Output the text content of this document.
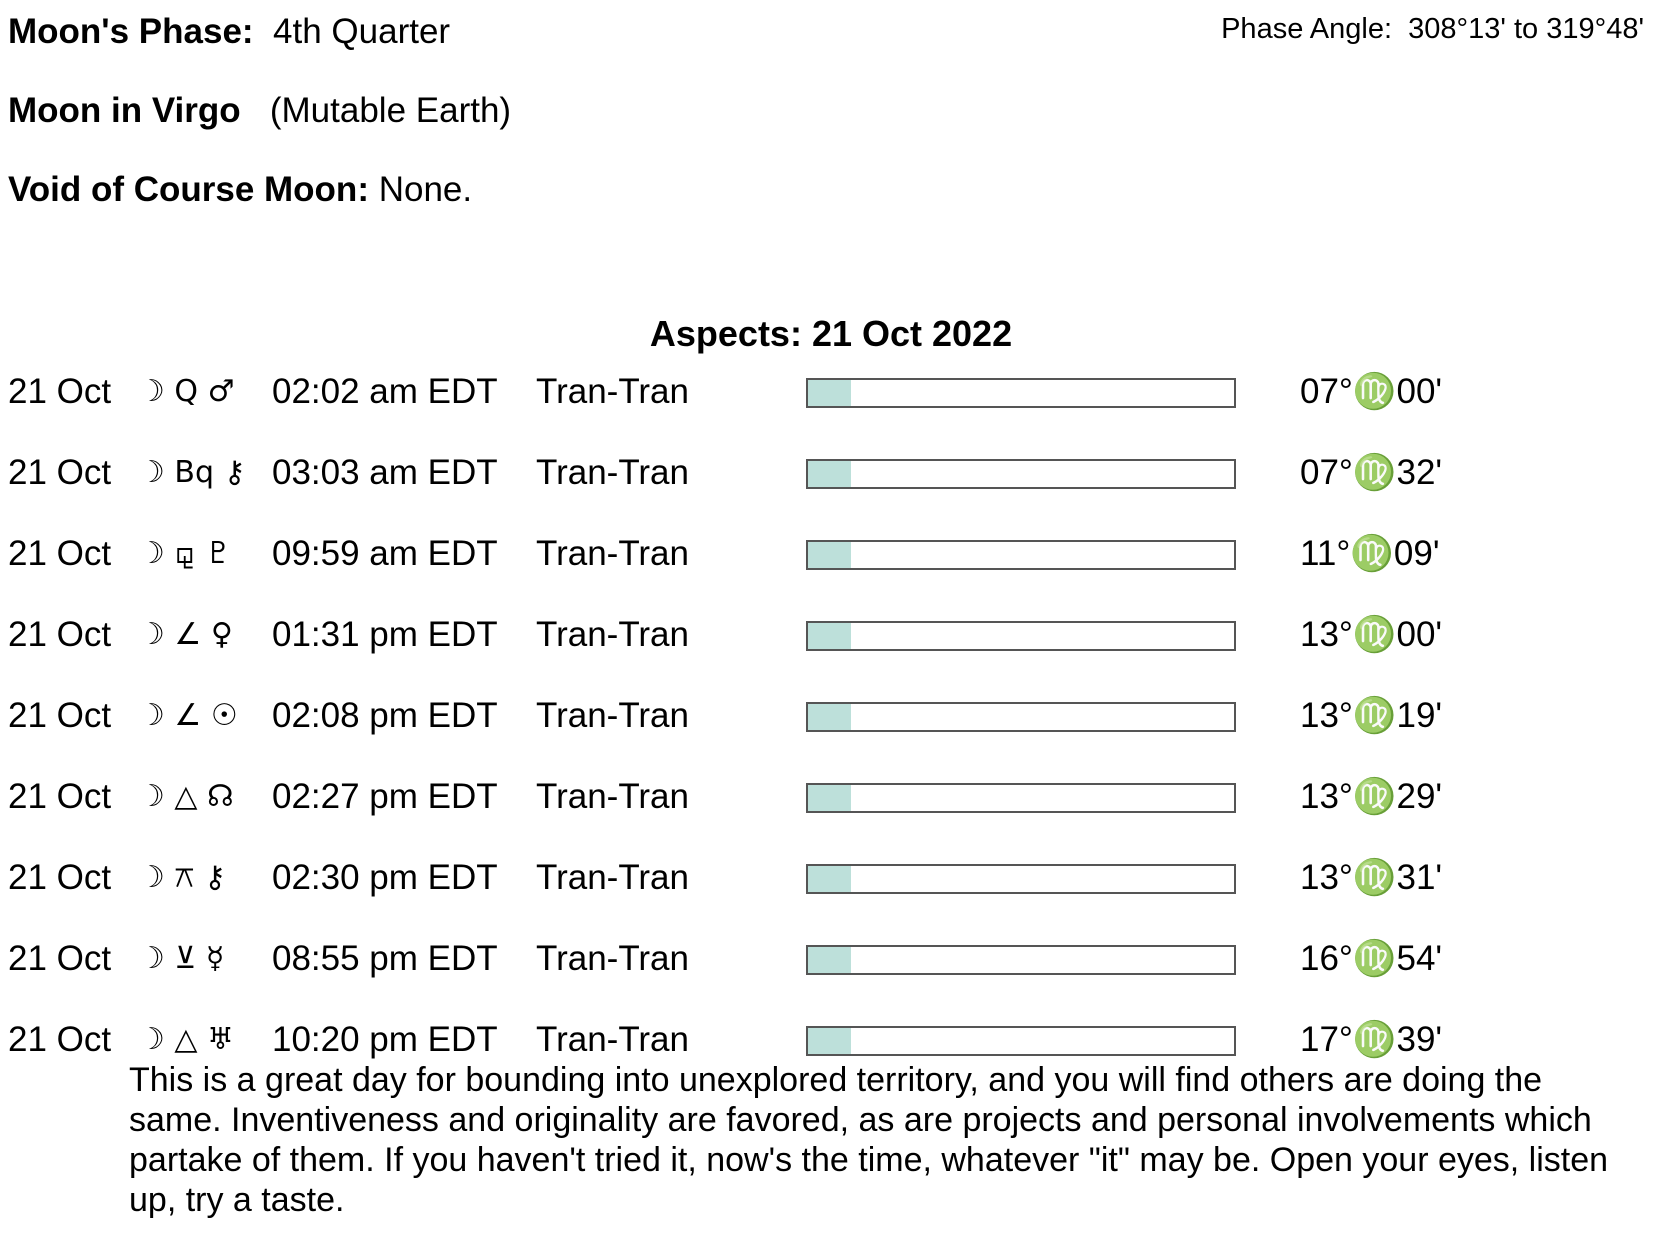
Moon's Phase: 4th Quarter	Phase Angle: 308°13' to 319°48'
Moon in Virgo (Mutable Earth)
Void of Course Moon: None.
Aspects: 21 Oct 2022
21 Oct ☽ Q ♂ 02:02 am EDT Tran-Tran	07°♍00'
21 Oct ☽ Bq ⚷ 03:03 am EDT Tran-Tran	07°♍32'
21 Oct ☽ ⚼ ♇ 09:59 am EDT Tran-Tran	11°♍09'
21 Oct ☽ ∠ ♀ 01:31 pm EDT Tran-Tran	13°♍00'
21 Oct ☽ ∠ ☉ 02:08 pm EDT Tran-Tran	13°♍19'
21 Oct ☽ △ ☊ 02:27 pm EDT Tran-Tran	13°♍29'
21 Oct ☽ ⚻ ⚷ 02:30 pm EDT Tran-Tran	13°♍31'
21 Oct ☽ ⊻ ☿ 08:55 pm EDT Tran-Tran	16°♍54'
21 Oct ☽ △ ♅ 10:20 pm EDT Tran-Tran	17°♍39'

This is a great day for bounding into unexplored territory, and you will find others are doing the same. Inventiveness and originality are favored, as are projects and personal involvements which partake of them. If you haven't tried it, now's the time, whatever "it" may be. Open your eyes, listen up, try a taste.
